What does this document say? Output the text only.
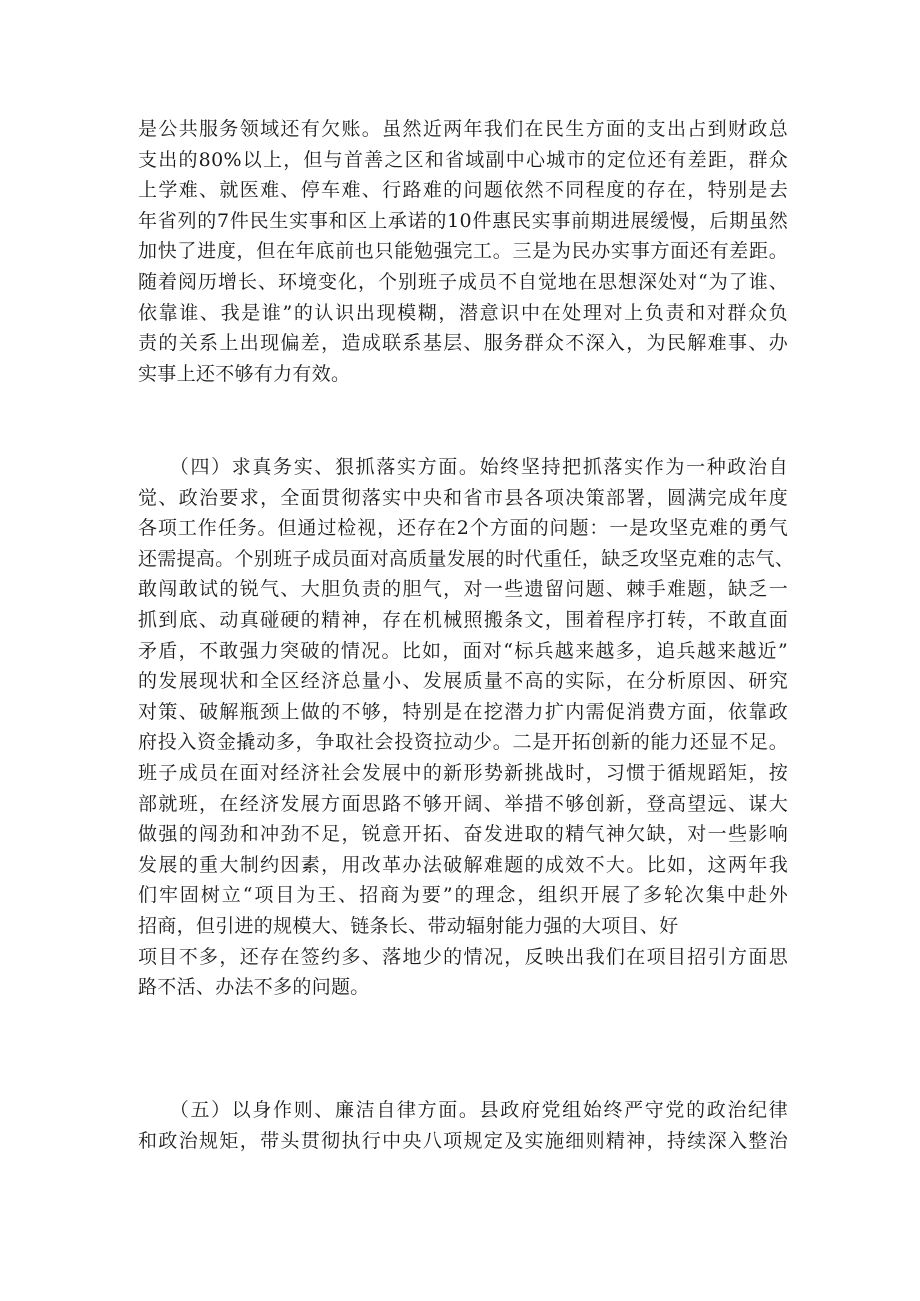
是公共服务领域还有欠账。虽然近两年我们在民生方面的支出占到财政总
支出的80%以上，但与首善之区和省域副中心城市的定位还有差距，群众
上学难、就医难、停车难、行路难的问题依然不同程度的存在，特别是去
年省列的7件民生实事和区上承诺的10件惠民实事前期进展缓慢，后期虽然
加快了进度，但在年底前也只能勉强完工。三是为民办实事方面还有差距。
随着阅历增长、环境变化，个别班子成员不自觉地在思想深处对“为了谁、
依靠谁、我是谁”的认识出现模糊，潜意识中在处理对上负责和对群众负
责的关系上出现偏差，造成联系基层、服务群众不深入，为民解难事、办
实事上还不够有力有效。
　　（四）求真务实、狠抓落实方面。始终坚持把抓落实作为一种政治自
觉、政治要求，全面贯彻落实中央和省市县各项决策部署，圆满完成年度
各项工作任务。但通过检视，还存在2个方面的问题：一是攻坚克难的勇气
还需提高。个别班子成员面对高质量发展的时代重任，缺乏攻坚克难的志气、
敢闯敢试的锐气、大胆负责的胆气，对一些遗留问题、棘手难题，缺乏一
抓到底、动真碰硬的精神，存在机械照搬条文，围着程序打转，不敢直面
矛盾，不敢强力突破的情况。比如，面对“标兵越来越多，追兵越来越近”
的发展现状和全区经济总量小、发展质量不高的实际，在分析原因、研究
对策、破解瓶颈上做的不够，特别是在挖潜力扩内需促消费方面，依靠政
府投入资金撬动多，争取社会投资拉动少。二是开拓创新的能力还显不足。
班子成员在面对经济社会发展中的新形势新挑战时，习惯于循规蹈矩，按
部就班，在经济发展方面思路不够开阔、举措不够创新，登高望远、谋大
做强的闯劲和冲劲不足，锐意开拓、奋发进取的精气神欠缺，对一些影响
发展的重大制约因素，用改革办法破解难题的成效不大。比如，这两年我
们牢固树立“项目为王、招商为要”的理念，组织开展了多轮次集中赴外
招商，但引进的规模大、链条长、带动辐射能力强的大项目、好
项目不多，还存在签约多、落地少的情况，反映出我们在项目招引方面思
路不活、办法不多的问题。
　　（五）以身作则、廉洁自律方面。县政府党组始终严守党的政治纪律
和政治规矩，带头贯彻执行中央八项规定及实施细则精神，持续深入整治
